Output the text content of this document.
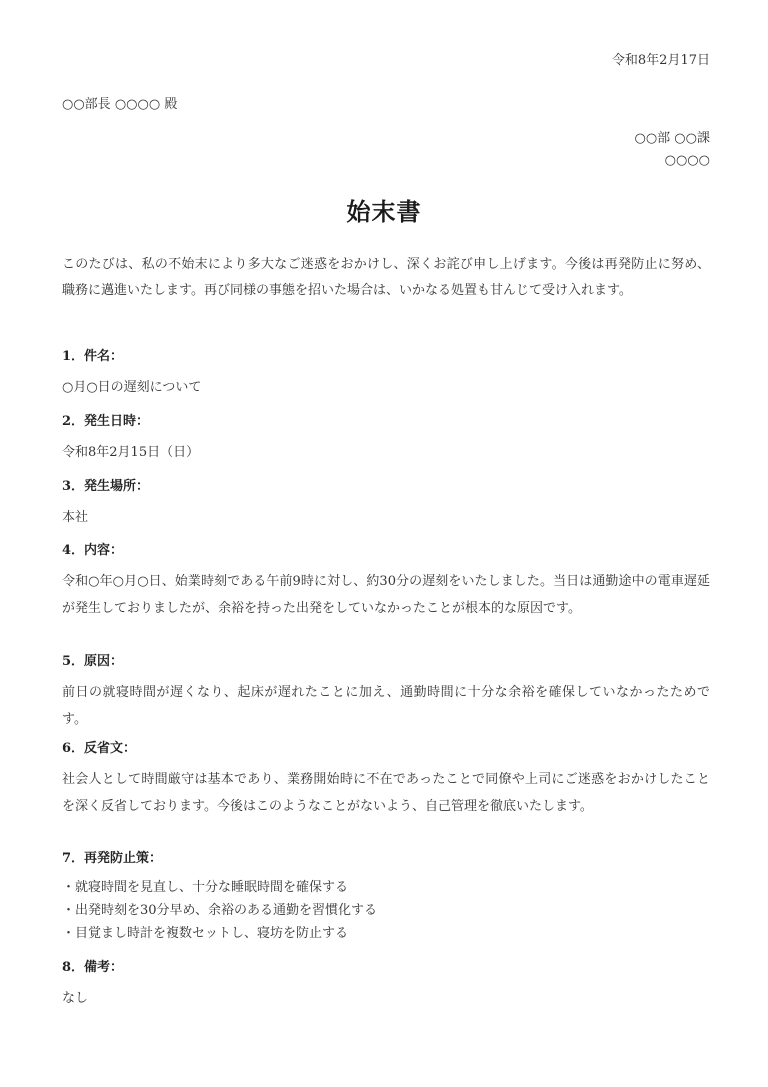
令和8年2月17日
○○部長 ○○○○ 殿
○○部 ○○課
○○○○
始末書
このたびは、私の不始末により多大なご迷惑をおかけし、深くお詫び申し上げます。今後は再発防止に努め、職務に邁進いたします。再び同様の事態を招いた場合は、いかなる処置も甘んじて受け入れます。
1．件名：
○月○日の遅刻について
2．発生日時：
令和8年2月15日（日）
3．発生場所：
本社
4．内容：
令和○年○月○日、始業時刻である午前9時に対し、約30分の遅刻をいたしました。当日は通勤途中の電車遅延が発生しておりましたが、余裕を持った出発をしていなかったことが根本的な原因です。
5．原因：
前日の就寝時間が遅くなり、起床が遅れたことに加え、通勤時間に十分な余裕を確保していなかったためです。
6．反省文：
社会人として時間厳守は基本であり、業務開始時に不在であったことで同僚や上司にご迷惑をおかけしたことを深く反省しております。今後はこのようなことがないよう、自己管理を徹底いたします。
7．再発防止策：
・ 就寝時間を見直し、十分な睡眠時間を確保する
・ 出発時刻を30分早め、余裕のある通勤を習慣化する
・ 目覚まし時計を複数セットし、寝坊を防止する
8．備考：
なし
